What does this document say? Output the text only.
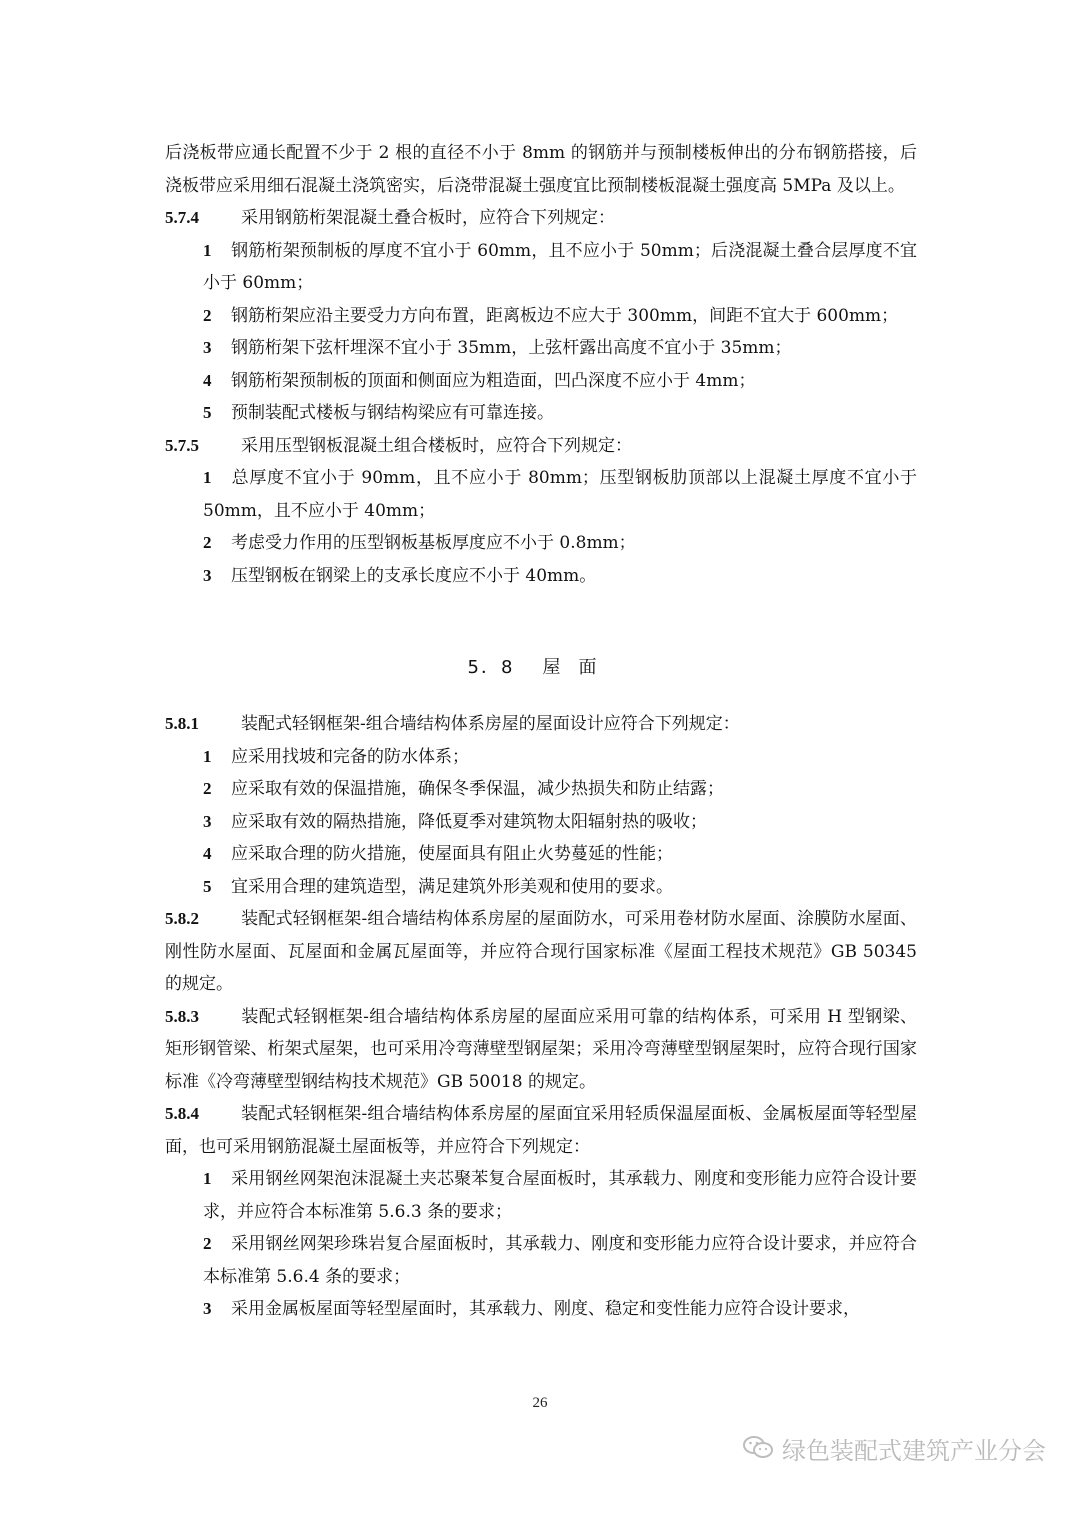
后浇板带应通长配置不少于 2 根的直径不小于 8mm 的钢筋并与预制楼板伸出的分布钢筋搭接，后浇板带应采用细石混凝土浇筑密实，后浇带混凝土强度宜比预制楼板混凝土强度高 5MPa 及以上。

5.7.4 采用钢筋桁架混凝土叠合板时，应符合下列规定：

1 钢筋桁架预制板的厚度不宜小于 60mm，且不应小于 50mm；后浇混凝土叠合层厚度不宜小于 60mm；

2 钢筋桁架应沿主要受力方向布置，距离板边不应大于 300mm，间距不宜大于 600mm；

3 钢筋桁架下弦杆埋深不宜小于 35mm，上弦杆露出高度不宜小于 35mm；

4 钢筋桁架预制板的顶面和侧面应为粗造面，凹凸深度不应小于 4mm；

5 预制装配式楼板与钢结构梁应有可靠连接。

5.7.5 采用压型钢板混凝土组合楼板时，应符合下列规定：

1 总厚度不宜小于 90mm，且不应小于 80mm；压型钢板肋顶部以上混凝土厚度不宜小于 50mm，且不应小于 40mm；

2 考虑受力作用的压型钢板基板厚度应不小于 0.8mm；

3 压型钢板在钢梁上的支承长度应不小于 40mm。

5．8 屋面

5.8.1 装配式轻钢框架-组合墙结构体系房屋的屋面设计应符合下列规定：

1 应采用找坡和完备的防水体系；

2 应采取有效的保温措施，确保冬季保温，减少热损失和防止结露；

3 应采取有效的隔热措施，降低夏季对建筑物太阳辐射热的吸收；

4 应采取合理的防火措施，使屋面具有阻止火势蔓延的性能；

5 宜采用合理的建筑造型，满足建筑外形美观和使用的要求。

5.8.2 装配式轻钢框架-组合墙结构体系房屋的屋面防水，可采用卷材防水屋面、涂膜防水屋面、刚性防水屋面、瓦屋面和金属瓦屋面等，并应符合现行国家标准《屋面工程技术规范》GB 50345 的规定。

5.8.3 装配式轻钢框架-组合墙结构体系房屋的屋面应采用可靠的结构体系，可采用 H 型钢梁、矩形钢管梁、桁架式屋架，也可采用冷弯薄壁型钢屋架；采用冷弯薄壁型钢屋架时，应符合现行国家标准《冷弯薄壁型钢结构技术规范》GB 50018 的规定。

5.8.4 装配式轻钢框架-组合墙结构体系房屋的屋面宜采用轻质保温屋面板、金属板屋面等轻型屋面，也可采用钢筋混凝土屋面板等，并应符合下列规定：

1 采用钢丝网架泡沫混凝土夹芯聚苯复合屋面板时，其承载力、刚度和变形能力应符合设计要求，并应符合本标准第 5.6.3 条的要求；

2 采用钢丝网架珍珠岩复合屋面板时，其承载力、刚度和变形能力应符合设计要求，并应符合本标准第 5.6.4 条的要求；

3 采用金属板屋面等轻型屋面时，其承载力、刚度、稳定和变性能力应符合设计要求，

26
绿色装配式建筑产业分会
